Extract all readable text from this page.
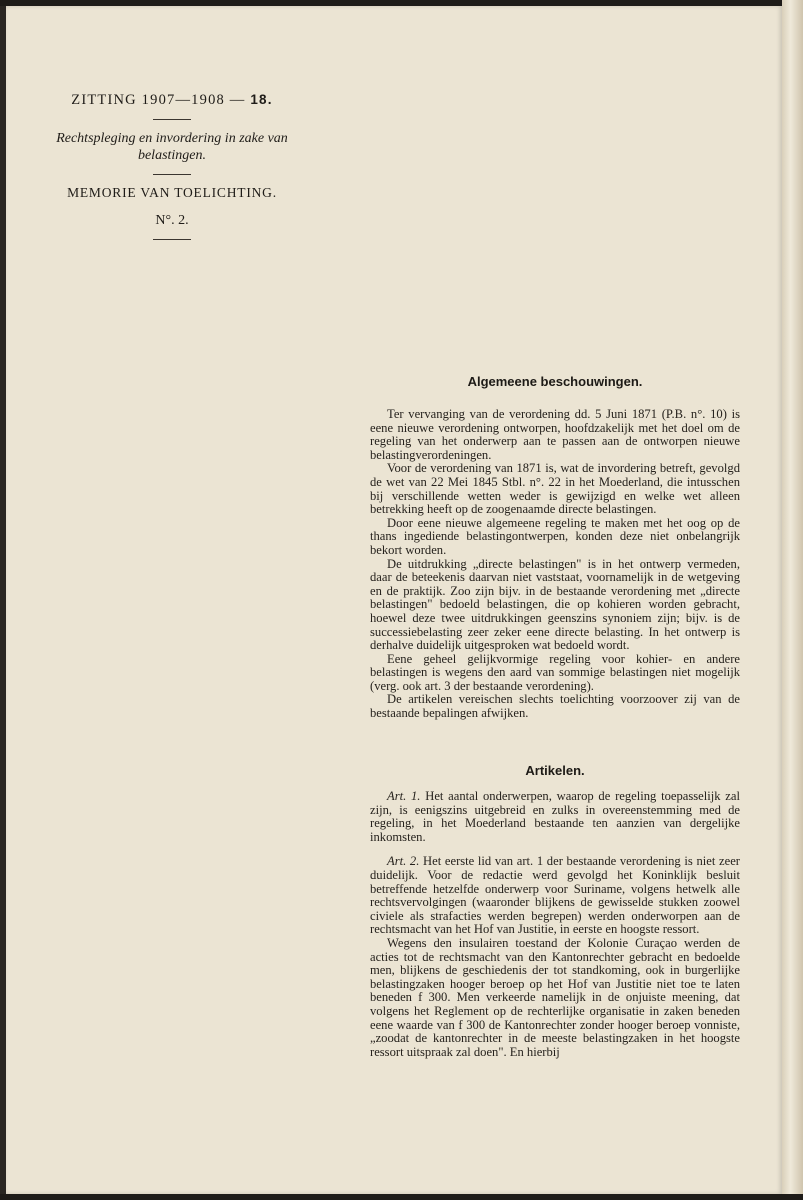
ZITTING 1907—1908 — 18.
Rechtspleging en invordering in zake van belastingen.
MEMORIE VAN TOELICHTING.
N°. 2.
Algemeene beschouwingen.

Ter vervanging van de verordening dd. 5 Juni 1871 (P.B. n°. 10) is eene nieuwe verordening ontworpen, hoofdzakelijk met het doel om de regeling van het onderwerp aan te passen aan de ontworpen nieuwe belastingverordeningen.

Voor de verordening van 1871 is, wat de invordering betreft, gevolgd de wet van 22 Mei 1845 Stbl. n°. 22 in het Moederland, die intusschen bij verschillende wetten weder is gewijzigd en welke wet alleen betrekking heeft op de zoogenaamde directe belastingen.

Door eene nieuwe algemeene regeling te maken met het oog op de thans ingediende belastingontwerpen, konden deze niet onbelangrijk bekort worden.

De uitdrukking „directe belastingen" is in het ontwerp vermeden, daar de beteekenis daarvan niet vaststaat, voornamelijk in de wetgeving en de praktijk. Zoo zijn bijv. in de bestaande verordening met „directe belastingen" bedoeld belastingen, die op kohieren worden gebracht, hoewel deze twee uitdrukkingen geenszins synoniem zijn; bijv. is de successiebelasting zeer zeker eene directe belasting. In het ontwerp is derhalve duidelijk uitgesproken wat bedoeld wordt.

Eene geheel gelijkvormige regeling voor kohier- en andere belastingen is wegens den aard van sommige belastingen niet mogelijk (verg. ook art. 3 der bestaande verordening).

De artikelen vereischen slechts toelichting voorzoover zij van de bestaande bepalingen afwijken.

Artikelen.

Art. 1. Het aantal onderwerpen, waarop de regeling toepasselijk zal zijn, is eenigszins uitgebreid en zulks in overeenstemming med de regeling, in het Moederland bestaande ten aanzien van dergelijke inkomsten.

Art. 2. Het eerste lid van art. 1 der bestaande verordening is niet zeer duidelijk. Voor de redactie werd gevolgd het Koninklijk besluit betreffende hetzelfde onderwerp voor Suriname, volgens hetwelk alle rechtsvervolgingen (waaronder blijkens de gewisselde stukken zoowel civiele als strafacties werden begrepen) werden onderworpen aan de rechtsmacht van het Hof van Justitie, in eerste en hoogste ressort.

Wegens den insulairen toestand der Kolonie Curaçao werden de acties tot de rechtsmacht van den Kantonrechter gebracht en bedoelde men, blijkens de geschiedenis der tot standkoming, ook in burgerlijke belastingzaken hooger beroep op het Hof van Justitie niet toe te laten beneden f 300. Men verkeerde namelijk in de onjuiste meening, dat volgens het Reglement op de rechterlijke organisatie in zaken beneden eene waarde van f 300 de Kantonrechter zonder hooger beroep vonniste, „zoodat de kantonrechter in de meeste belastingzaken in het hoogste ressort uitspraak zal doen". En hierbij
